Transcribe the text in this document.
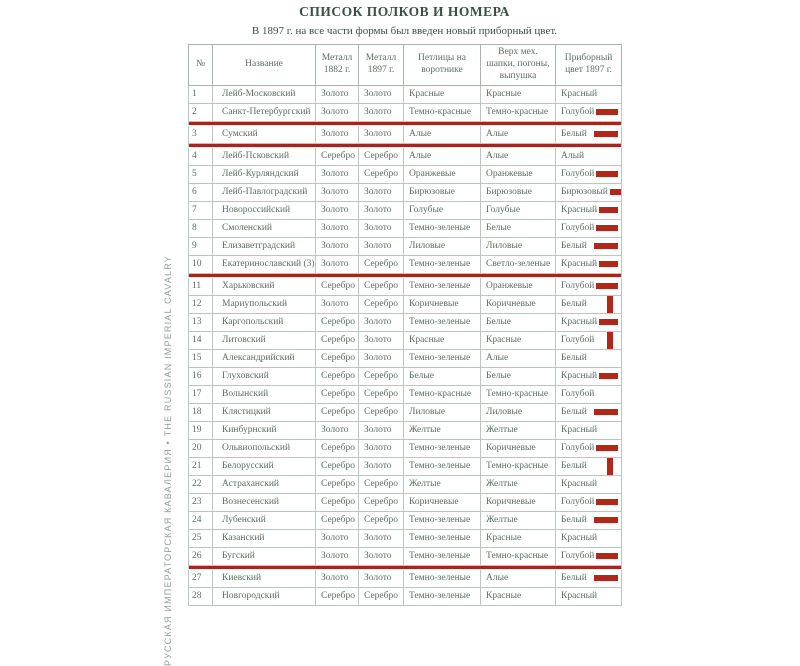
РУССКАЯ ИМПЕРАТОРСКАЯ КАВАЛЕРИЯ • THE RUSSIAN IMPERIAL CAVALRY
СПИСОК ПОЛКОВ И НОМЕРА

В 1897 г. на все части формы был введен новый приборный цвет.

№	Название	Металл 1882 г.	Металл 1897 г.	Петлицы на воротнике	Верх мех. шапки, погоны, выпушка	Приборный цвет 1897 г.
1	Лейб-Московский	Золото	Золото	Красные	Красные	Красный

2	Санкт-Петербургский	Золото	Золото	Темно-красные	Темно-красные	Голубой

3	Сумский	Золото	Золото	Алые	Алые	Белый

4	Лейб-Псковский	Серебро	Серебро	Алые	Алые	Алый

5	Лейб-Курляндский	Золото	Серебро	Оранжевые	Оранжевые	Голубой

6	Лейб-Павлоградский	Золото	Золото	Бирюзовые	Бирюзовые	Бирюзовый

7	Новороссийский	Золото	Золото	Голубые	Голубые	Красный

8	Смоленский	Золото	Золото	Темно-зеленые	Белые	Голубой

9	Елизаветградский	Золото	Золото	Лиловые	Лиловые	Белый

10	Екатеринославский (3)	Золото	Серебро	Темно-зеленые	Светло-зеленые	Красный

11	Харьковский	Серебро	Серебро	Темно-зеленые	Оранжевые	Голубой

12	Мариупольский	Золото	Серебро	Коричневые	Коричневые	Белый

13	Каргопольский	Серебро	Золото	Темно-зеленые	Белые	Красный

14	Литовский	Серебро	Золото	Красные	Красные	Голубой

15	Александрийский	Серебро	Золото	Темно-зеленые	Алые	Белый

16	Глуховский	Серебро	Серебро	Белые	Белые	Красный

17	Волынский	Серебро	Серебро	Темно-красные	Темно-красные	Голубой

18	Клястицкий	Серебро	Серебро	Лиловые	Лиловые	Белый

19	Кинбурнский	Золото	Золото	Желтые	Желтые	Красный

20	Ольвиопольский	Серебро	Золото	Темно-зеленые	Коричневые	Голубой

21	Белорусский	Серебро	Золото	Темно-зеленые	Темно-красные	Белый

22	Астраханский	Серебро	Серебро	Желтые	Желтые	Красный

23	Вознесенский	Серебро	Серебро	Коричневые	Коричневые	Голубой

24	Лубенский	Серебро	Серебро	Темно-зеленые	Желтые	Белый

25	Казанский	Золото	Золото	Темно-зеленые	Красные	Красный

26	Бугский	Золото	Золото	Темно-зеленые	Темно-красные	Голубой

27	Киевский	Золото	Золото	Темно-зеленые	Алые	Белый

28	Новгородский	Серебро	Серебро	Темно-зеленые	Красные	Красный
